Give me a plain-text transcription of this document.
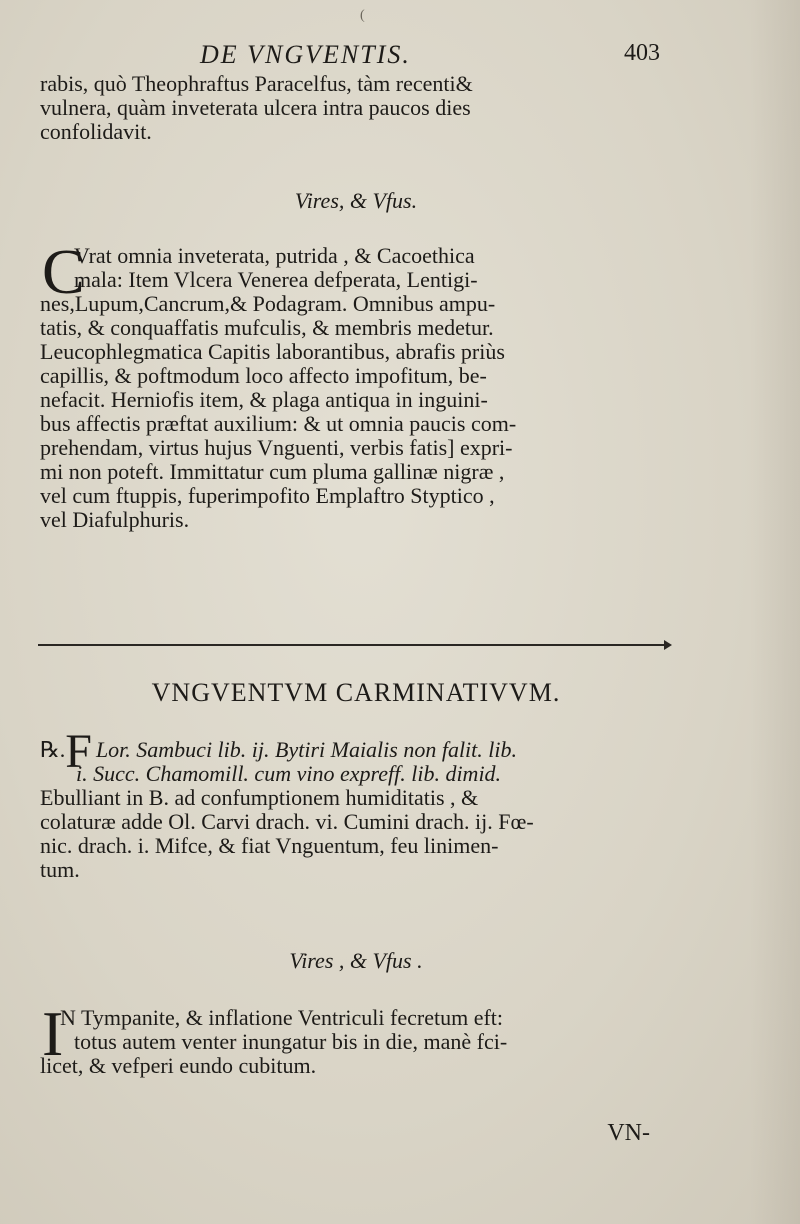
(
DE VNGVENTIS.	403
rabis, quò Theophraftus Paracelfus, tàm recenti&
vulnera, quàm inveterata ulcera intra paucos dies
confolidavit.
Vires, & Vfus.
C
Vrat omnia inveterata, putrida , & Cacoethica
mala: Item Vlcera Venerea defperata, Lentigi-
nes,Lupum,Cancrum,& Podagram. Omnibus ampu-
tatis, & conquaffatis mufculis, & membris medetur.
Leucophlegmatica Capitis laborantibus, abrafis priùs
capillis, & poftmodum loco affecto impofitum, be-
nefacit. Herniofis item, & plaga antiqua in inguini-
bus affectis præftat auxilium: & ut omnia paucis com-
prehendam, virtus hujus Vnguenti, verbis fatis] expri-
mi non poteft. Immittatur cum pluma gallinæ nigræ ,
vel cum ftuppis, fuperimpofito Emplaftro Styptico ,
vel Diafulphuris.
VNGVENTVM CARMINATIVVM.
℞.F Lor. Sambuci lib. ij. Bytiri Maialis non falit. lib.
i. Succ. Chamomill. cum vino expreff. lib. dimid.
Ebulliant in B. ad confumptionem humiditatis , &
colaturæ adde Ol. Carvi drach. vi. Cumini drach. ij. Fœ-
nic. drach. i. Mifce, & fiat Vnguentum, feu linimen-
tum.
Vires , & Vfus .
I
N Tympanite, & inflatione Ventriculi fecretum eft:
totus autem venter inungatur bis in die, manè fci-
licet, & vefperi eundo cubitum.
VN-
